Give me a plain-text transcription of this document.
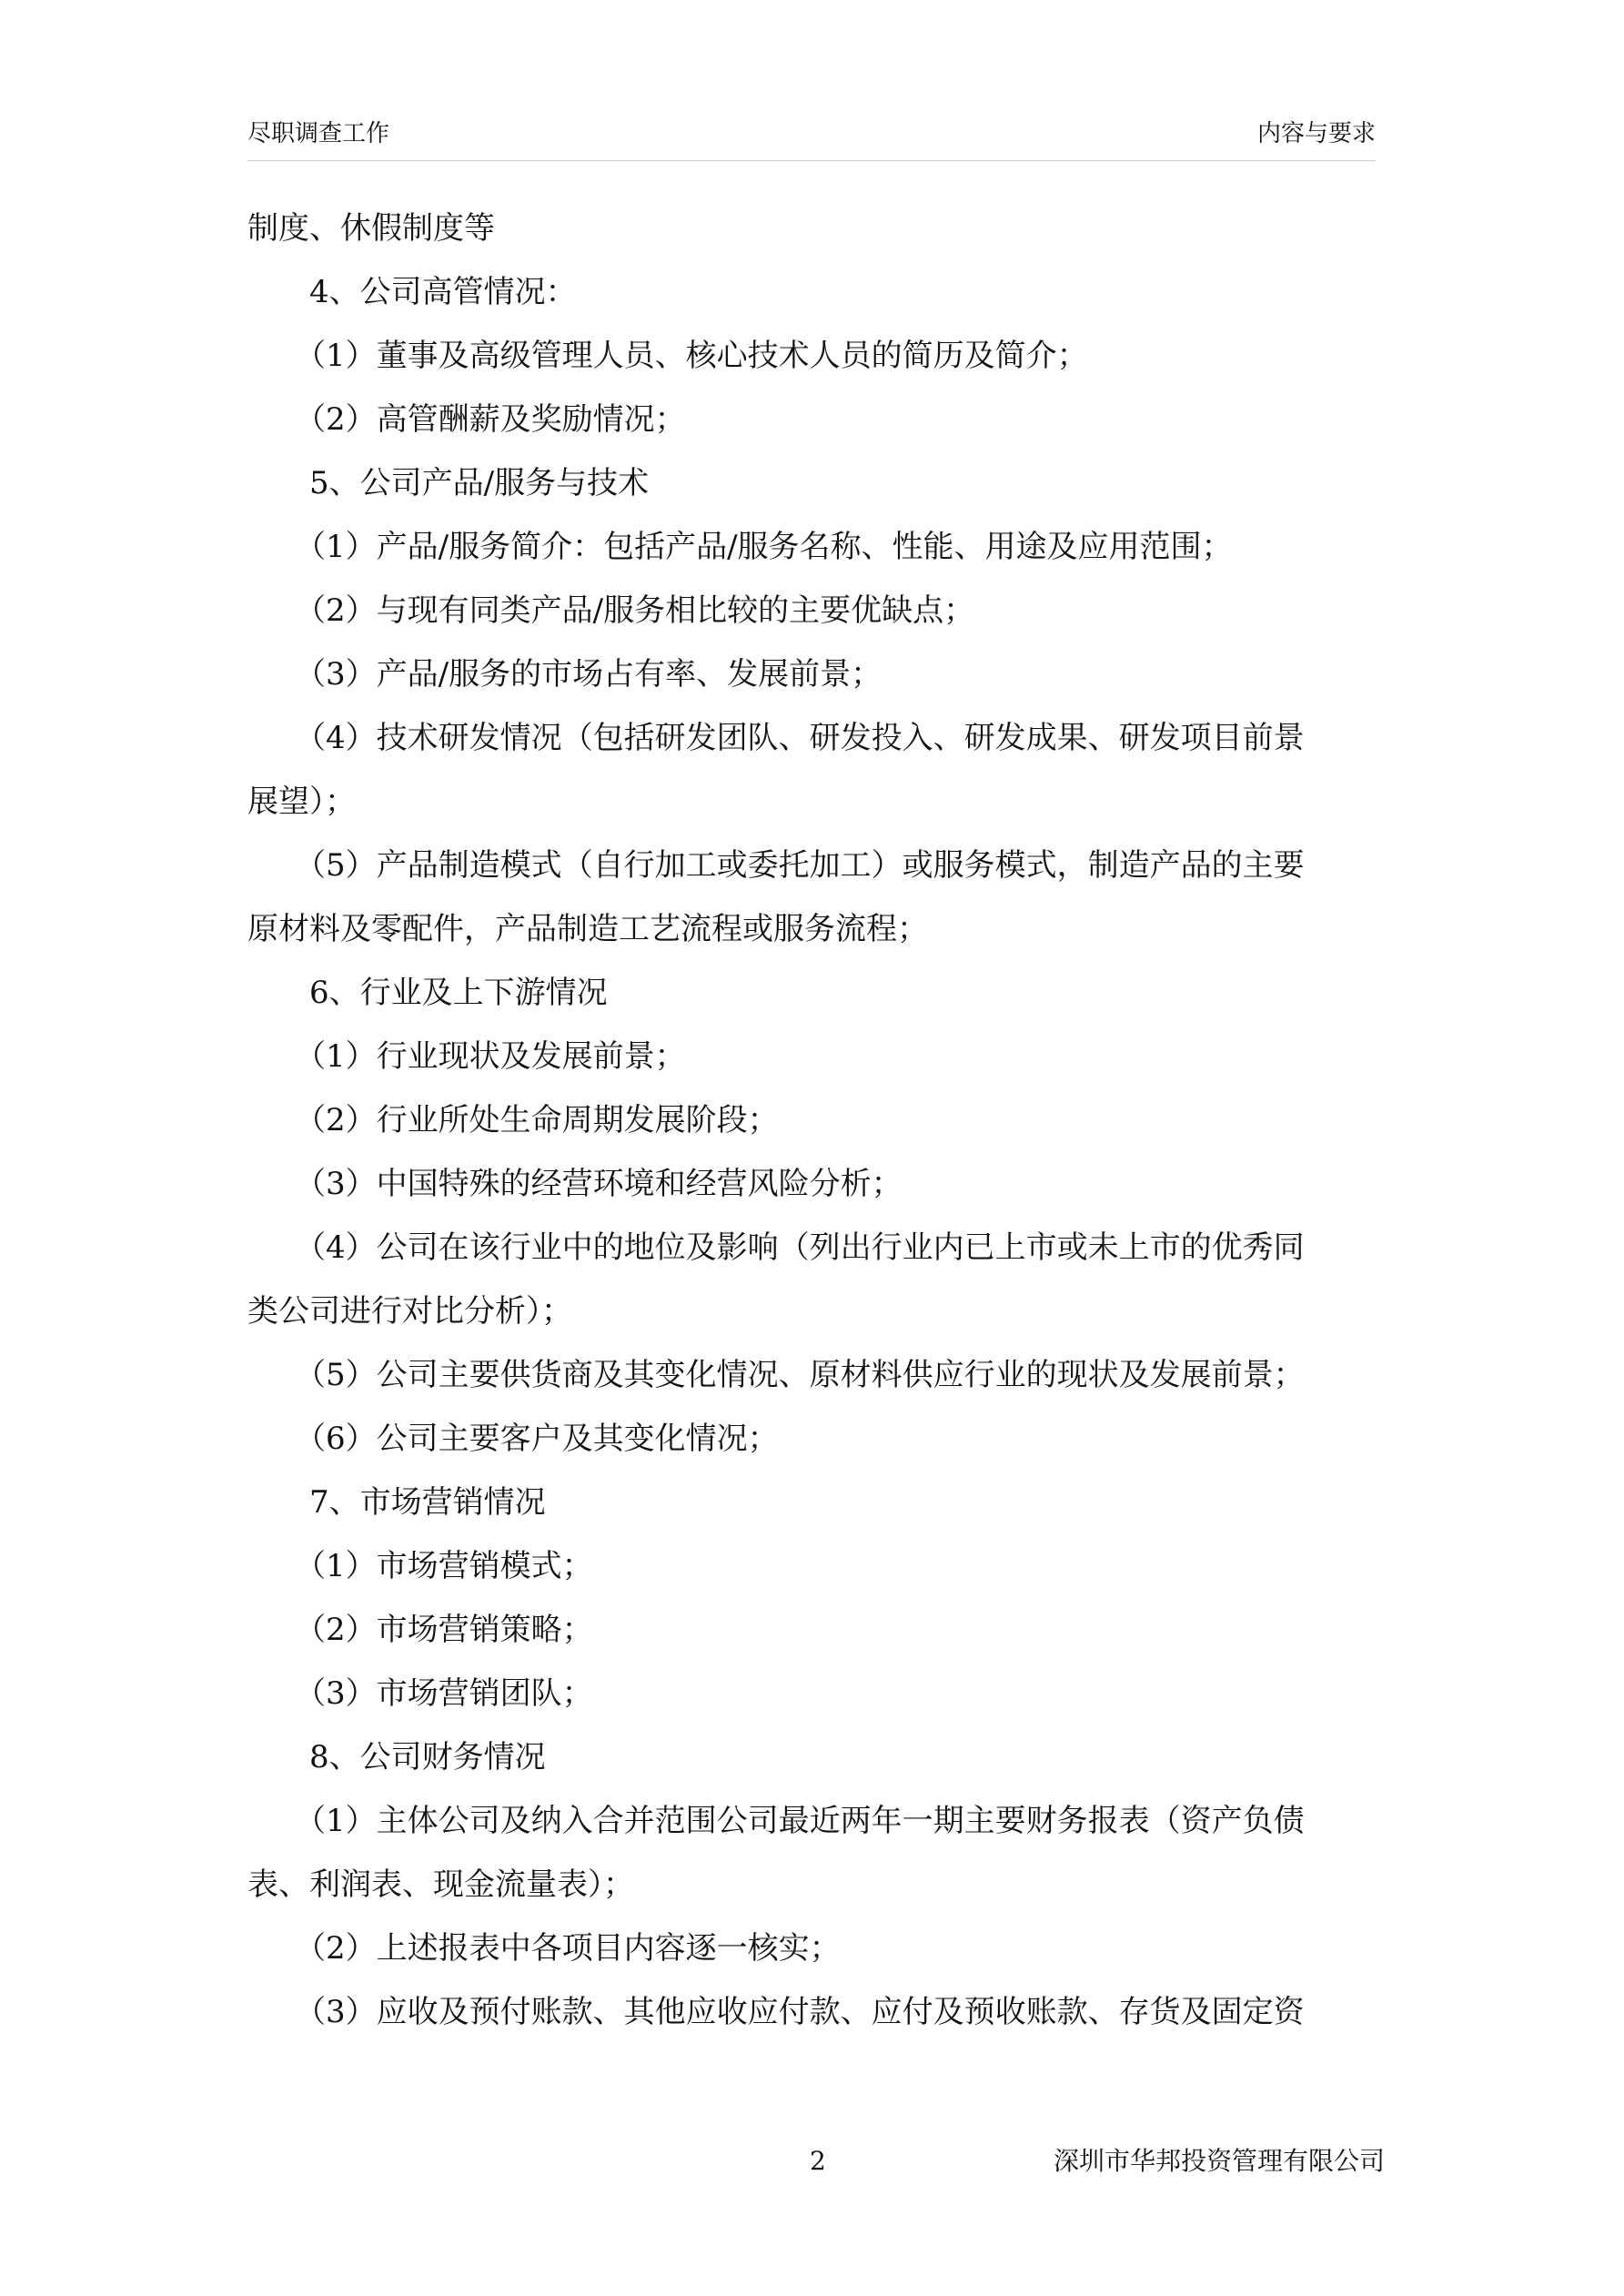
尽职调查工作	内容与要求

制度、休假制度等

4、公司高管情况：

（1）董事及高级管理人员、核心技术人员的简历及简介；

（2）高管酬薪及奖励情况；

5、公司产品/服务与技术

（1）产品/服务简介：包括产品/服务名称、性能、用途及应用范围；

（2）与现有同类产品/服务相比较的主要优缺点；

（3）产品/服务的市场占有率、发展前景；

（4）技术研发情况（包括研发团队、研发投入、研发成果、研发项目前景

展望）；

（5）产品制造模式（自行加工或委托加工）或服务模式，制造产品的主要

原材料及零配件，产品制造工艺流程或服务流程；

6、行业及上下游情况

（1）行业现状及发展前景；

（2）行业所处生命周期发展阶段；

（3）中国特殊的经营环境和经营风险分析；

（4）公司在该行业中的地位及影响（列出行业内已上市或未上市的优秀同

类公司进行对比分析）；

（5）公司主要供货商及其变化情况、原材料供应行业的现状及发展前景；

（6）公司主要客户及其变化情况；

7、市场营销情况

（1）市场营销模式；

（2）市场营销策略；

（3）市场营销团队；

8、公司财务情况

（1）主体公司及纳入合并范围公司最近两年一期主要财务报表（资产负债

表、利润表、现金流量表）；

（2）上述报表中各项目内容逐一核实；

（3）应收及预付账款、其他应收应付款、应付及预收账款、存货及固定资

2	深圳市华邦投资管理有限公司
